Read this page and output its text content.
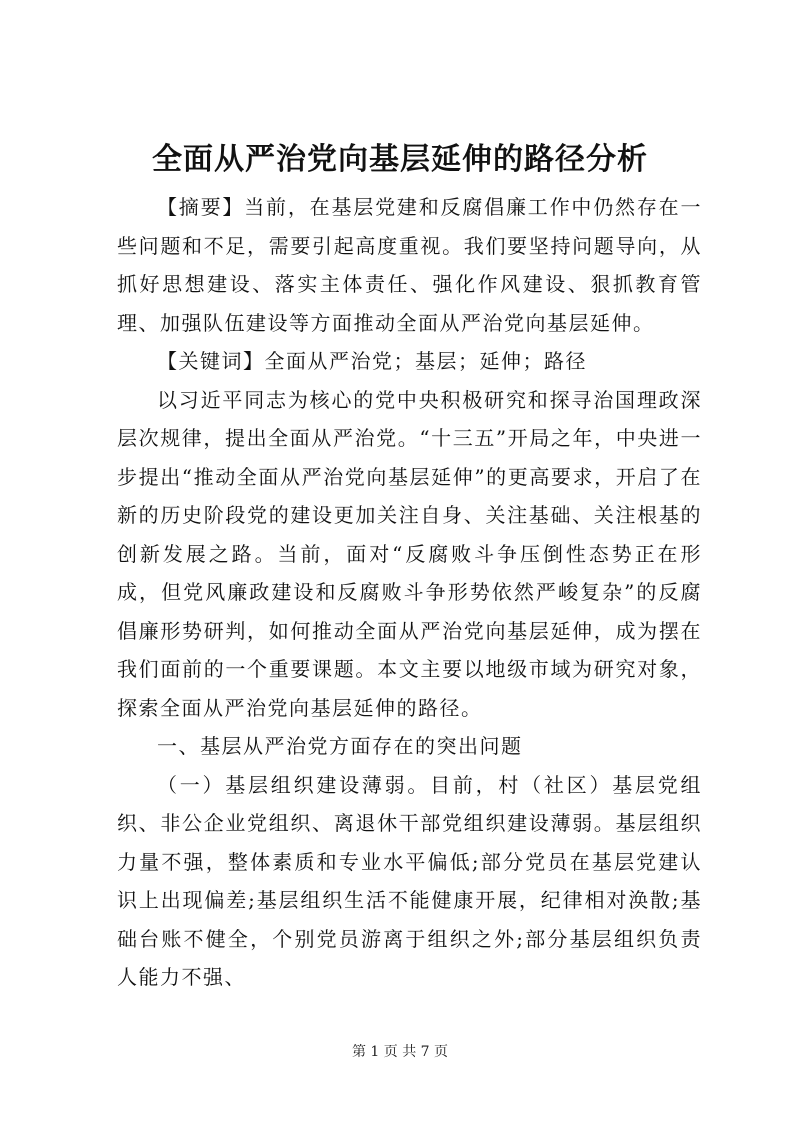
全面从严治党向基层延伸的路径分析

【摘要】当前，在基层党建和反腐倡廉工作中仍然存在一些问题和不足，需要引起高度重视。我们要坚持问题导向，从抓好思想建设、落实主体责任、强化作风建设、狠抓教育管理、加强队伍建设等方面推动全面从严治党向基层延伸。

【关键词】全面从严治党；基层；延伸；路径

以习近平同志为核心的党中央积极研究和探寻治国理政深层次规律，提出全面从严治党。“十三五”开局之年，中央进一步提出“推动全面从严治党向基层延伸”的更高要求，开启了在新的历史阶段党的建设更加关注自身、关注基础、关注根基的创新发展之路。当前，面对“反腐败斗争压倒性态势正在形成，但党风廉政建设和反腐败斗争形势依然严峻复杂”的反腐倡廉形势研判，如何推动全面从严治党向基层延伸，成为摆在我们面前的一个重要课题。本文主要以地级市域为研究对象，探索全面从严治党向基层延伸的路径。

一、基层从严治党方面存在的突出问题

（一）基层组织建设薄弱。目前，村（社区）基层党组织、非公企业党组织、离退休干部党组织建设薄弱。基层组织力量不强，整体素质和专业水平偏低;部分党员在基层党建认识上出现偏差;基层组织生活不能健康开展，纪律相对涣散;基础台账不健全，个别党员游离于组织之外;部分基层组织负责人能力不强、

第 1 页 共 7 页
